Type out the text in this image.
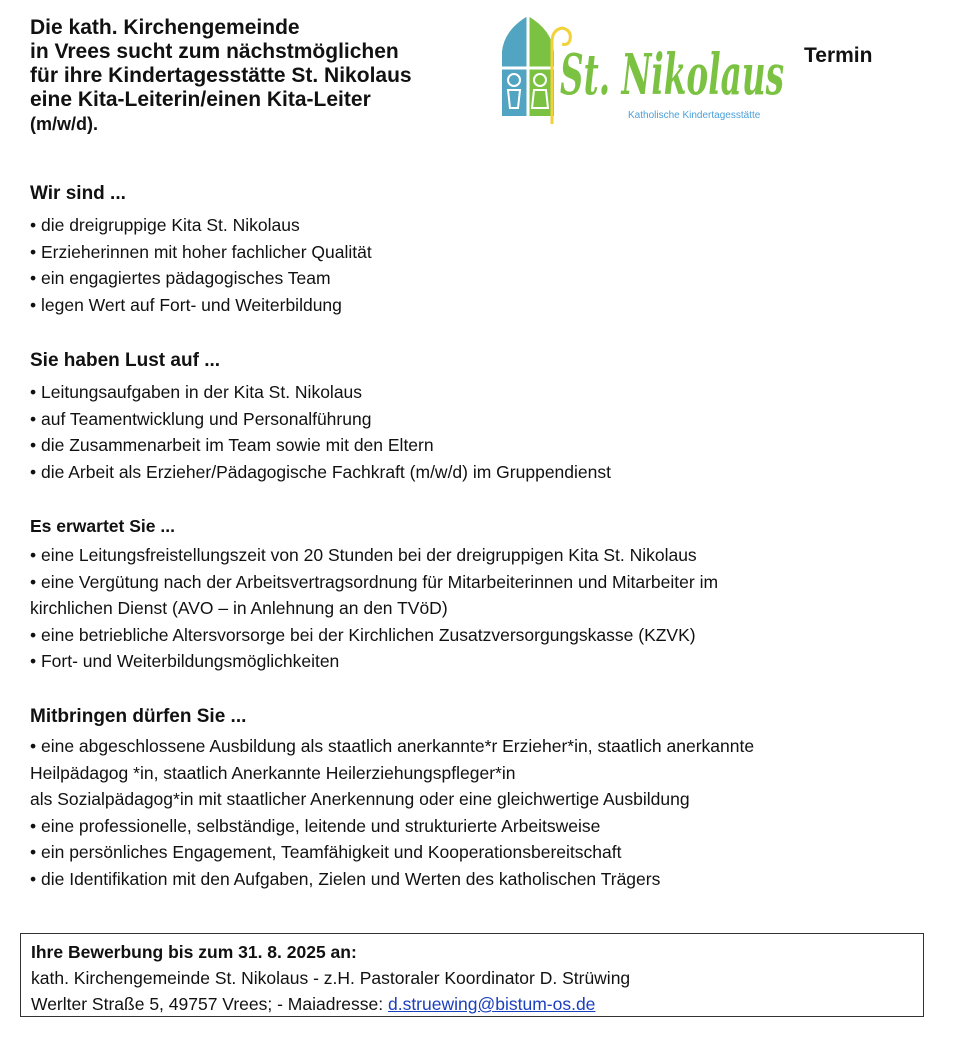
Die kath. Kirchengemeinde
in Vrees sucht zum nächstmöglichen
für ihre Kindertagesstätte St. Nikolaus
eine Kita-Leiterin/einen Kita-Leiter
(m/w/d).
St. Nikolaus
Katholische Kindertagesstätte
Termin
Wir sind ...
• die dreigruppige Kita St. Nikolaus
• Erzieherinnen mit hoher fachlicher Qualität
• ein engagiertes pädagogisches Team
• legen Wert auf Fort- und Weiterbildung
Sie haben Lust auf ...
• Leitungsaufgaben in der Kita St. Nikolaus
• auf Teamentwicklung und Personalführung
• die Zusammenarbeit im Team sowie mit den Eltern
• die Arbeit als Erzieher/Pädagogische Fachkraft (m/w/d) im Gruppendienst
Es erwartet Sie ...
• eine Leitungsfreistellungszeit von 20 Stunden bei der dreigruppigen Kita St. Nikolaus
• eine Vergütung nach der Arbeitsvertragsordnung für Mitarbeiterinnen und Mitarbeiter im
kirchlichen Dienst (AVO – in Anlehnung an den TVöD)
• eine betriebliche Altersvorsorge bei der Kirchlichen Zusatzversorgungskasse (KZVK)
• Fort- und Weiterbildungsmöglichkeiten
Mitbringen dürfen Sie ...
• eine abgeschlossene Ausbildung als staatlich anerkannte*r Erzieher*in, staatlich anerkannte
Heilpädagog *in, staatlich Anerkannte Heilerziehungspfleger*in
als Sozialpädagog*in mit staatlicher Anerkennung oder eine gleichwertige Ausbildung
• eine professionelle, selbständige, leitende und strukturierte Arbeitsweise
• ein persönliches Engagement, Teamfähigkeit und Kooperationsbereitschaft
• die Identifikation mit den Aufgaben, Zielen und Werten des katholischen Trägers
Ihre Bewerbung bis zum 31. 8. 2025 an:
kath. Kirchengemeinde St. Nikolaus - z.H. Pastoraler Koordinator D. Strüwing
Werlter Straße 5, 49757 Vrees; - Maiadresse: d.struewing@bistum-os.de
